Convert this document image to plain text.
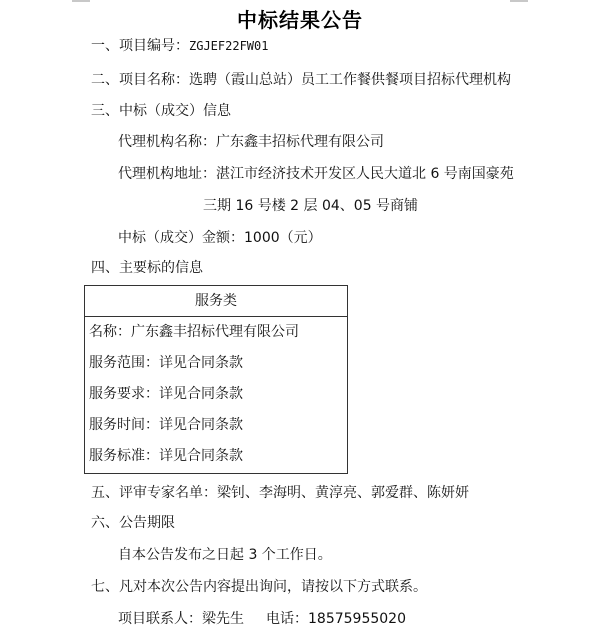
中标结果公告
一、项目编号：ZGJEF22FW01
二、项目名称：选聘（霞山总站）员工工作餐供餐项目招标代理机构
三、中标（成交）信息
代理机构名称：广东鑫丰招标代理有限公司
代理机构地址：湛江市经济技术开发区人民大道北 6 号南国豪苑
三期 16 号楼 2 层 04、05 号商铺
中标（成交）金额：1000（元）
四、主要标的信息
服务类
名称：广东鑫丰招标代理有限公司
服务范围：详见合同条款
服务要求：详见合同条款
服务时间：详见合同条款
服务标准：详见合同条款
五、评审专家名单：梁钊、李海明、黄淳亮、郭爱群、陈妍妍
六、公告期限
自本公告发布之日起 3 个工作日。
七、凡对本次公告内容提出询问，请按以下方式联系。
项目联系人：梁先生 电话：18575955020
